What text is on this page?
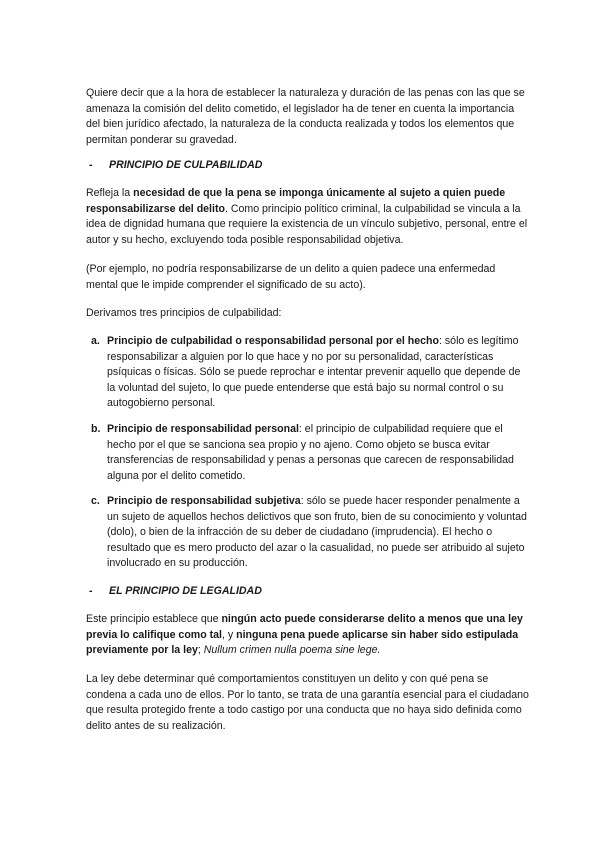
Quiere decir que a la hora de establecer la naturaleza y duración de las penas con las que se amenaza la comisión del delito cometido, el legislador ha de tener en cuenta la importancia del bien jurídico afectado, la naturaleza de la conducta realizada y todos los elementos que permitan ponderar su gravedad.

- PRINCIPIO DE CULPABILIDAD

Refleja la necesidad de que la pena se imponga únicamente al sujeto a quien puede responsabilizarse del delito. Como principio político criminal, la culpabilidad se vincula a la idea de dignidad humana que requiere la existencia de un vínculo subjetivo, personal, entre el autor y su hecho, excluyendo toda posible responsabilidad objetiva.

(Por ejemplo, no podría responsabilizarse de un delito a quien padece una enfermedad mental que le impide comprender el significado de su acto).

Derivamos tres principios de culpabilidad:

a. Principio de culpabilidad o responsabilidad personal por el hecho: sólo es legítimo responsabilizar a alguien por lo que hace y no por su personalidad, características psíquicas o físicas. Sólo se puede reprochar e intentar prevenir aquello que depende de la voluntad del sujeto, lo que puede entenderse que está bajo su normal control o su autogobierno personal.
b. Principio de responsabilidad personal: el principio de culpabilidad requiere que el hecho por el que se sanciona sea propio y no ajeno. Como objeto se busca evitar transferencias de responsabilidad y penas a personas que carecen de responsabilidad alguna por el delito cometido.
c. Principio de responsabilidad subjetiva: sólo se puede hacer responder penalmente a un sujeto de aquellos hechos delictivos que son fruto, bien de su conocimiento y voluntad (dolo), o bien de la infracción de su deber de ciudadano (imprudencia). El hecho o resultado que es mero producto del azar o la casualidad, no puede ser atribuido al sujeto involucrado en su producción.

- EL PRINCIPIO DE LEGALIDAD

Este principio establece que ningún acto puede considerarse delito a menos que una ley previa lo califique como tal, y ninguna pena puede aplicarse sin haber sido estipulada previamente por la ley; Nullum crimen nulla poema sine lege.

La ley debe determinar qué comportamientos constituyen un delito y con qué pena se condena a cada uno de ellos. Por lo tanto, se trata de una garantía esencial para el ciudadano que resulta protegido frente a todo castigo por una conducta que no haya sido definida como delito antes de su realización.
